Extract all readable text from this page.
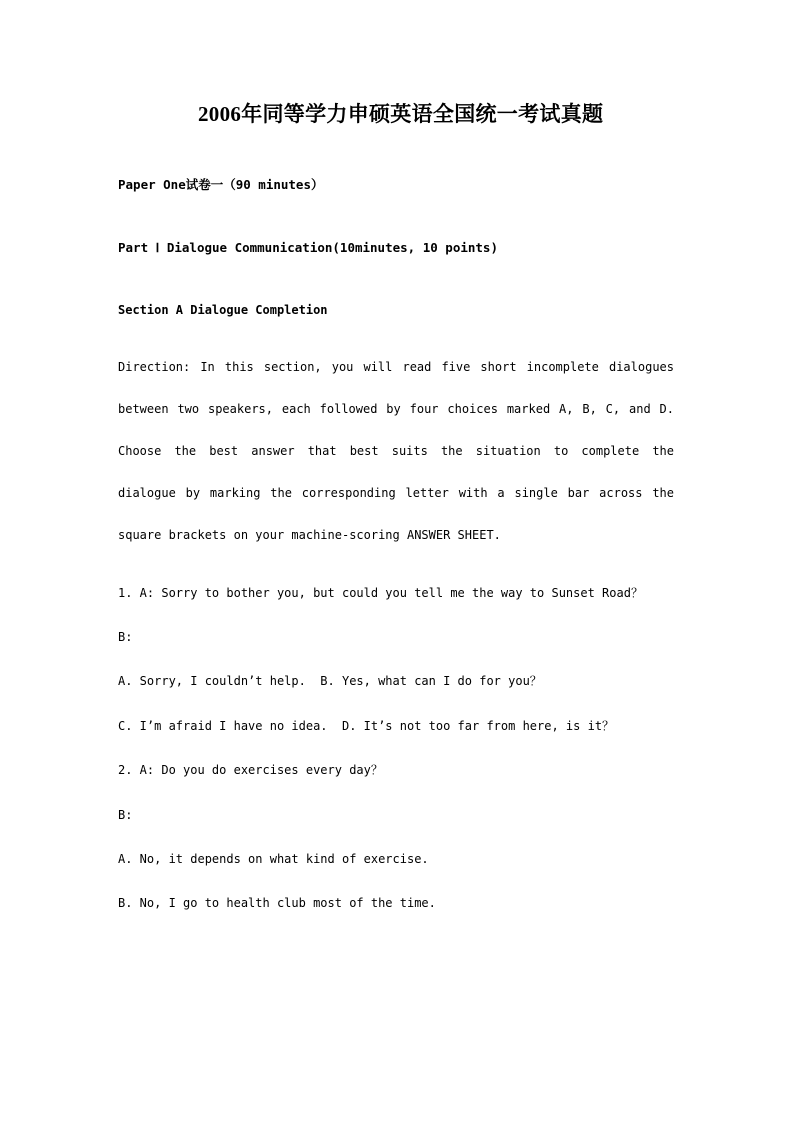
2006年同等学力申硕英语全国统一考试真题
Paper One试卷一（90 minutes）
Part Ⅰ Dialogue Communication(10minutes, 10 points)
Section A Dialogue Completion

Direction: In this section, you will read five short incomplete dialogues between two speakers, each followed by four choices marked A, B, C, and D. Choose the best answer that best suits the situation to complete the dialogue by marking the corresponding letter with a single bar across the square brackets on your machine-scoring ANSWER SHEET.

1. A: Sorry to bother you, but could you tell me the way to Sunset Road？

B:

A. Sorry, I couldn’t help.  B. Yes, what can I do for you？

C. I’m afraid I have no idea.  D. It’s not too far from here, is it？

2. A: Do you do exercises every day？

B:

A. No, it depends on what kind of exercise.

B. No, I go to health club most of the time.
